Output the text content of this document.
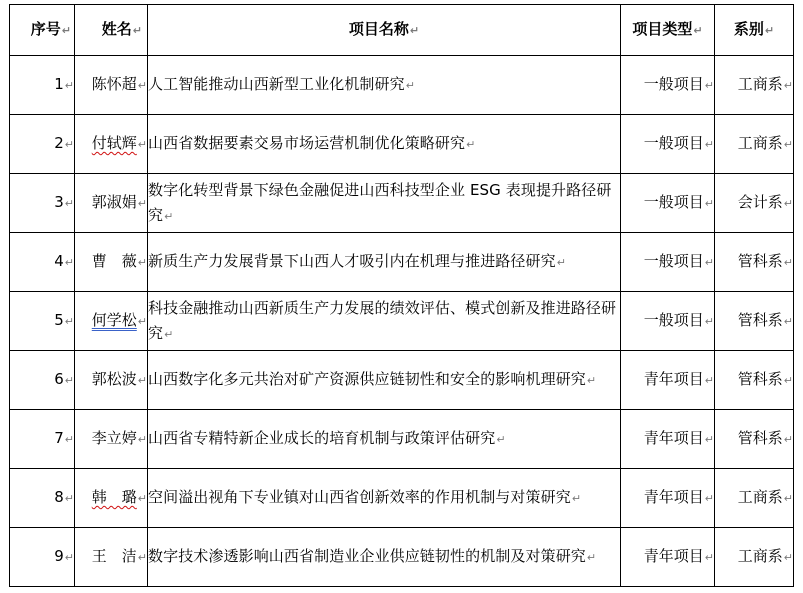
序号↵	姓名↵	项目名称↵	项目类型↵	系别↵
1↵	陈怀超↵	人工智能推动山西新型工业化机制研究↵	一般项目↵	工商系↵
2↵	付轼辉↵	山西省数据要素交易市场运营机制优化策略研究↵	一般项目↵	工商系↵
3↵	郭淑娟↵	数字化转型背景下绿色金融促进山西科技型企业 ESG 表现提升路径研究↵	一般项目↵	会计系↵
4↵	曹　薇↵	新质生产力发展背景下山西人才吸引内在机理与推进路径研究↵	一般项目↵	管科系↵
5↵	何学松↵	科技金融推动山西新质生产力发展的绩效评估、模式创新及推进路径研究↵	一般项目↵	管科系↵
6↵	郭松波↵	山西数字化多元共治对矿产资源供应链韧性和安全的影响机理研究↵	青年项目↵	管科系↵
7↵	李立婷↵	山西省专精特新企业成长的培育机制与政策评估研究↵	青年项目↵	管科系↵
8↵	韩　璐↵	空间溢出视角下专业镇对山西省创新效率的作用机制与对策研究↵	青年项目↵	工商系↵
9↵	王　洁↵	数字技术渗透影响山西省制造业企业供应链韧性的机制及对策研究↵	青年项目↵	工商系↵
